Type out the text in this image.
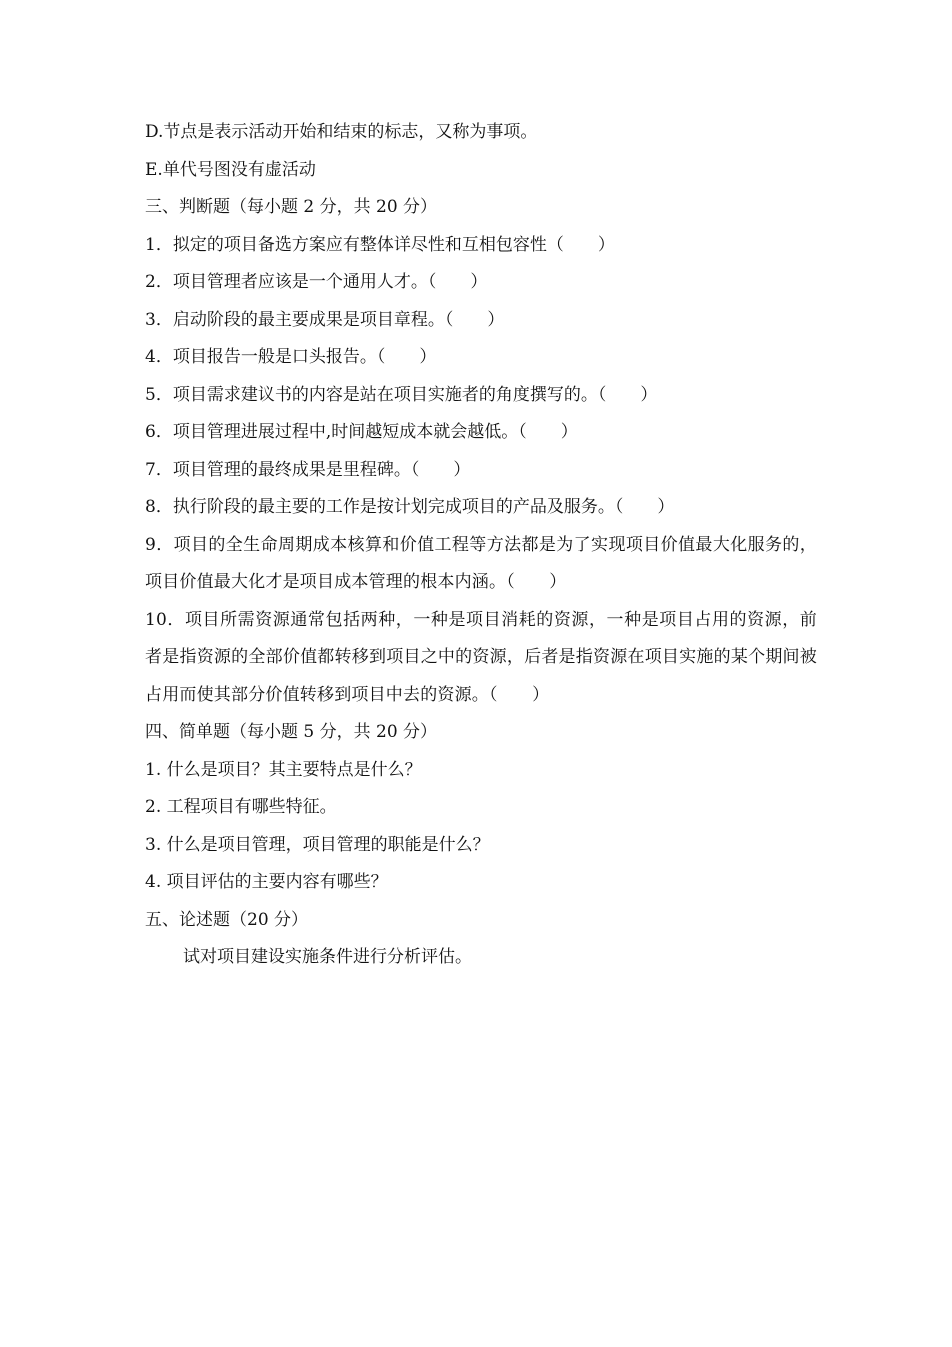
D.节点是表示活动开始和结束的标志，又称为事项。
E.单代号图没有虚活动
三、判断题（每小题 2 分，共 20 分）
1．拟定的项目备选方案应有整体详尽性和互相包容性（　　）
2．项目管理者应该是一个通用人才。（　　）
3．启动阶段的最主要成果是项目章程。（　　）
4．项目报告一般是口头报告。（　　）
5．项目需求建议书的内容是站在项目实施者的角度撰写的。（　　）
6．项目管理进展过程中,时间越短成本就会越低。（　　）
7．项目管理的最终成果是里程碑。（　　）
8．执行阶段的最主要的工作是按计划完成项目的产品及服务。（　　）
9．项目的全生命周期成本核算和价值工程等方法都是为了实现项目价值最大化服务的，项目价值最大化才是项目成本管理的根本内涵。（　　）
10．项目所需资源通常包括两种，一种是项目消耗的资源，一种是项目占用的资源，前者是指资源的全部价值都转移到项目之中的资源，后者是指资源在项目实施的某个期间被占用而使其部分价值转移到项目中去的资源。（　　）
四、简单题（每小题 5 分，共 20 分）
1. 什么是项目？其主要特点是什么？
2. 工程项目有哪些特征。
3. 什么是项目管理，项目管理的职能是什么？
4. 项目评估的主要内容有哪些？
五、论述题（20 分）
试对项目建设实施条件进行分析评估。
